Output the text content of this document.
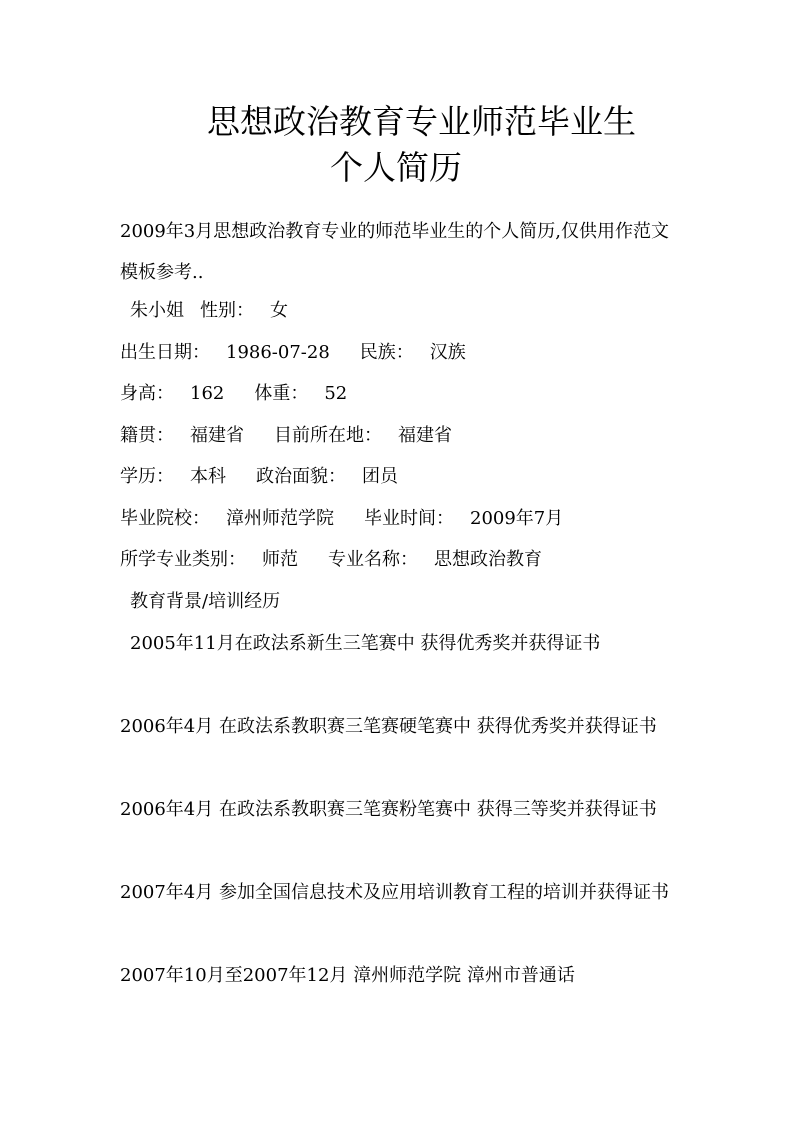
思想政治教育专业师范毕业生
个人简历

2009年3月思想政治教育专业的师范毕业生的个人简历,仅供用作范文模板参考..

朱小姐 性别： 女
出生日期： 1986-07-28 民族： 汉族
身高： 162 体重： 52
籍贯： 福建省 目前所在地： 福建省
学历： 本科 政治面貌： 团员
毕业院校： 漳州师范学院 毕业时间： 2009年7月
所学专业类别： 师范 专业名称： 思想政治教育
教育背景/培训经历

2005年11月在政法系新生三笔赛中 获得优秀奖并获得证书

2006年4月 在政法系教职赛三笔赛硬笔赛中 获得优秀奖并获得证书

2006年4月 在政法系教职赛三笔赛粉笔赛中 获得三等奖并获得证书

2007年4月 参加全国信息技术及应用培训教育工程的培训并获得证书

2007年10月至2007年12月 漳州师范学院 漳州市普通话
